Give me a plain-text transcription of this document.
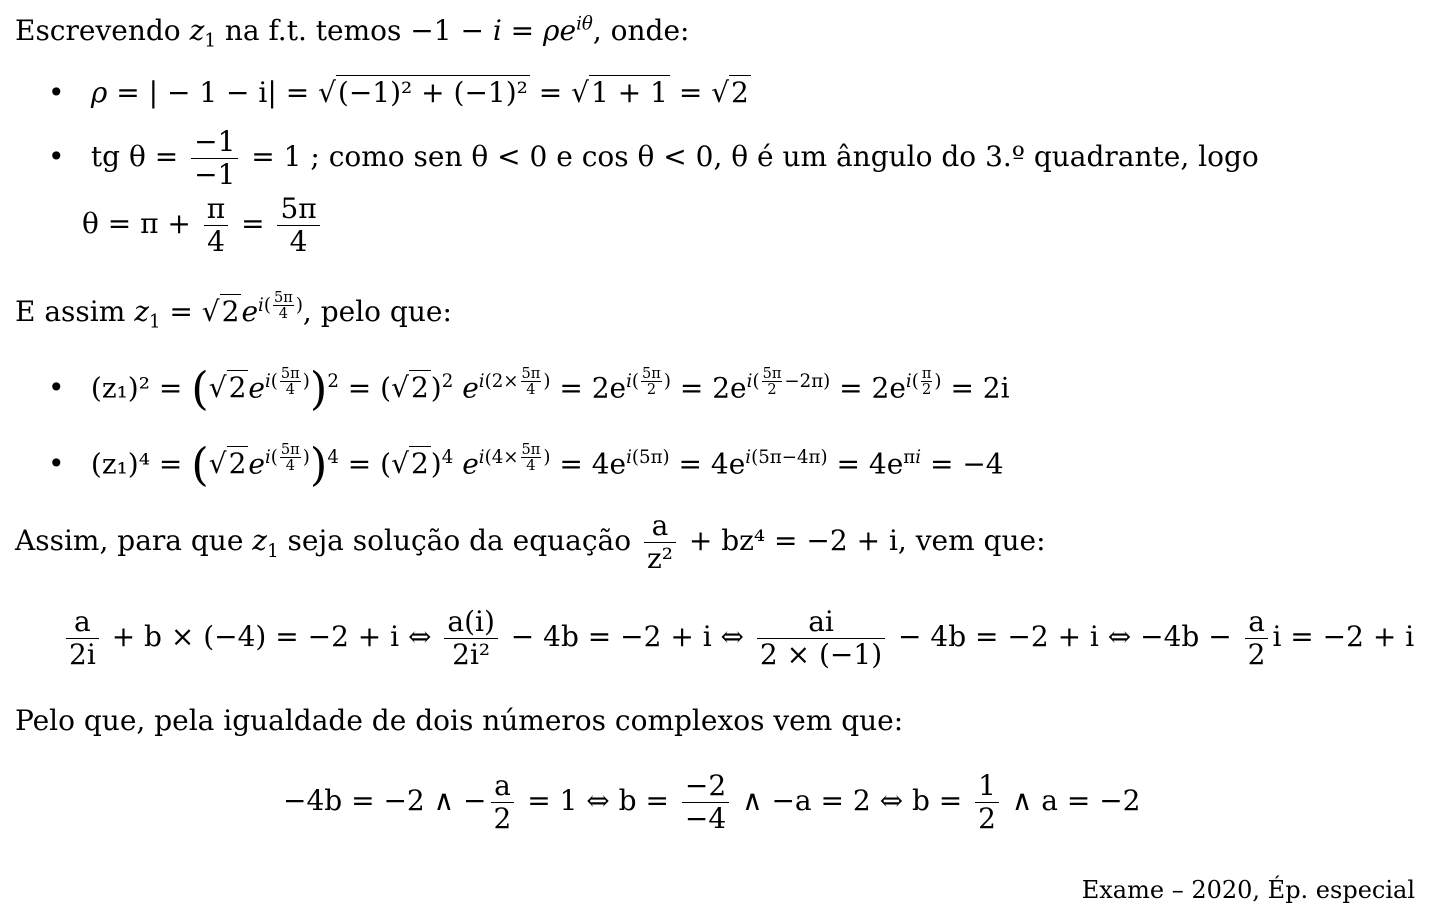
Escrevendo $z_1$ na f.t. temos $-1 - i = \rho e^{i\theta}$, onde:
• ρ = | − 1 − i| = √(−1)² + (−1)² = √1 + 1 = √2
• tg $\theta = \frac{-1}{-1} = 1$ ; como sen θ < 0 e cos θ < 0, θ é um ângulo do 3.º quadrante, logo
$\theta = \pi + \frac{\pi}{4} = \frac{5\pi}{4}$
E assim $z_1 = √2e^{i( \frac{5\pi}{4} )}$, pelo que:
• $(z_1)^2 = (√2e^{i( \frac{5\pi}{4} )})^2 = (√2)^2$ $e^{i(2\times \frac{5\pi}{4} )} = 2e^{i( \frac{5\pi}{2} )} = 2e^{i( \frac{5\pi}{2} -2\pi)} = 2e^{i( \frac{\pi}{2} )} = 2i$
• $(z_1)^4 = (√2e^{i( \frac{5\pi}{4} )})^4 = (√2)^4$ $e^{i(4\times \frac{5\pi}{4} )} = 4e^{i(5\pi)} = 4e^{i(5\pi-4\pi)} = 4e^{\pi i} = -4$
Assim, para que $z_1$ seja solução da equação $\frac{a}{\text{z²}} + bz^4 = -2 + i$, vem que:
$\frac{a}{2i} + b \times (-4) = -2 + i$ ⇔ $\frac{a(i)}{\text{2i²}} - 4b = -2 + i$ ⇔ $\frac{ai}{2 \times (-1)} - 4b = -2 + i$ ⇔ $-4b - \frac{a}{2}$ i = −2 + i
Pelo que, pela igualdade de dois números complexos vem que:
−4b = −2 ∧ − $\frac{a}{2} = 1$ ⇔ $b = \frac{-2}{-4}$ ∧ −a = 2 ⇔ $b = \frac{1}{2}$ ∧ a = −2
Exame – 2020, Ép. especial
